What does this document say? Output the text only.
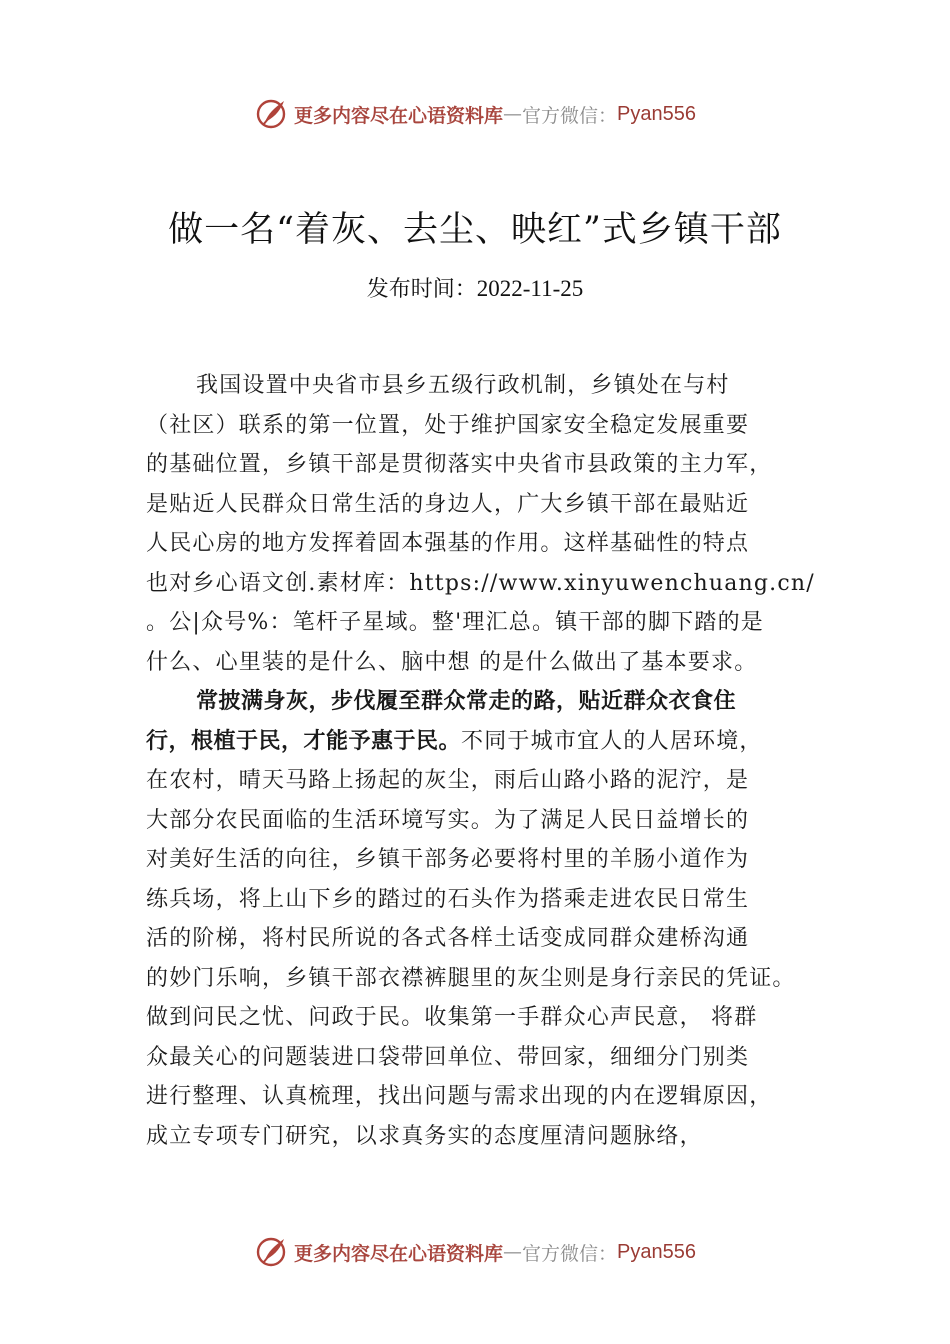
更多内容尽在心语资料库 — 官方微信： Pyan556
做一名“着灰、去尘、映红”式乡镇干部
发布时间：2022-11-25
我国设置中央省市县乡五级行政机制，乡镇处在与村
（社区）联系的第一位置，处于维护国家安全稳定发展重要
的基础位置，乡镇干部是贯彻落实中央省市县政策的主力军，
是贴近人民群众日常生活的身边人，广大乡镇干部在最贴近
人民心房的地方发挥着固本强基的作用。这样基础性的特点
也对乡心语文创.素材库：https://www.xinyuwenchuang.cn/
。公|众号%：笔杆子星域。整'理汇总。镇干部的脚下踏的是
什么、心里装的是什么、脑中想 的是什么做出了基本要求。
常披满身灰，步伐履至群众常走的路，贴近群众衣食住
行，根植于民，才能予惠于民。不同于城市宜人的人居环境，
在农村，晴天马路上扬起的灰尘，雨后山路小路的泥泞，是
大部分农民面临的生活环境写实。为了满足人民日益增长的
对美好生活的向往，乡镇干部务必要将村里的羊肠小道作为
练兵场，将上山下乡的踏过的石头作为搭乘走进农民日常生
活的阶梯，将村民所说的各式各样土话变成同群众建桥沟通
的妙门乐响，乡镇干部衣襟裤腿里的灰尘则是身行亲民的凭证。
做到问民之忧、问政于民。收集第一手群众心声民意， 将群
众最关心的问题装进口袋带回单位、带回家，细细分门别类
进行整理、认真梳理，找出问题与需求出现的内在逻辑原因，
成立专项专门研究，以求真务实的态度厘清问题脉络，
更多内容尽在心语资料库 — 官方微信： Pyan556
